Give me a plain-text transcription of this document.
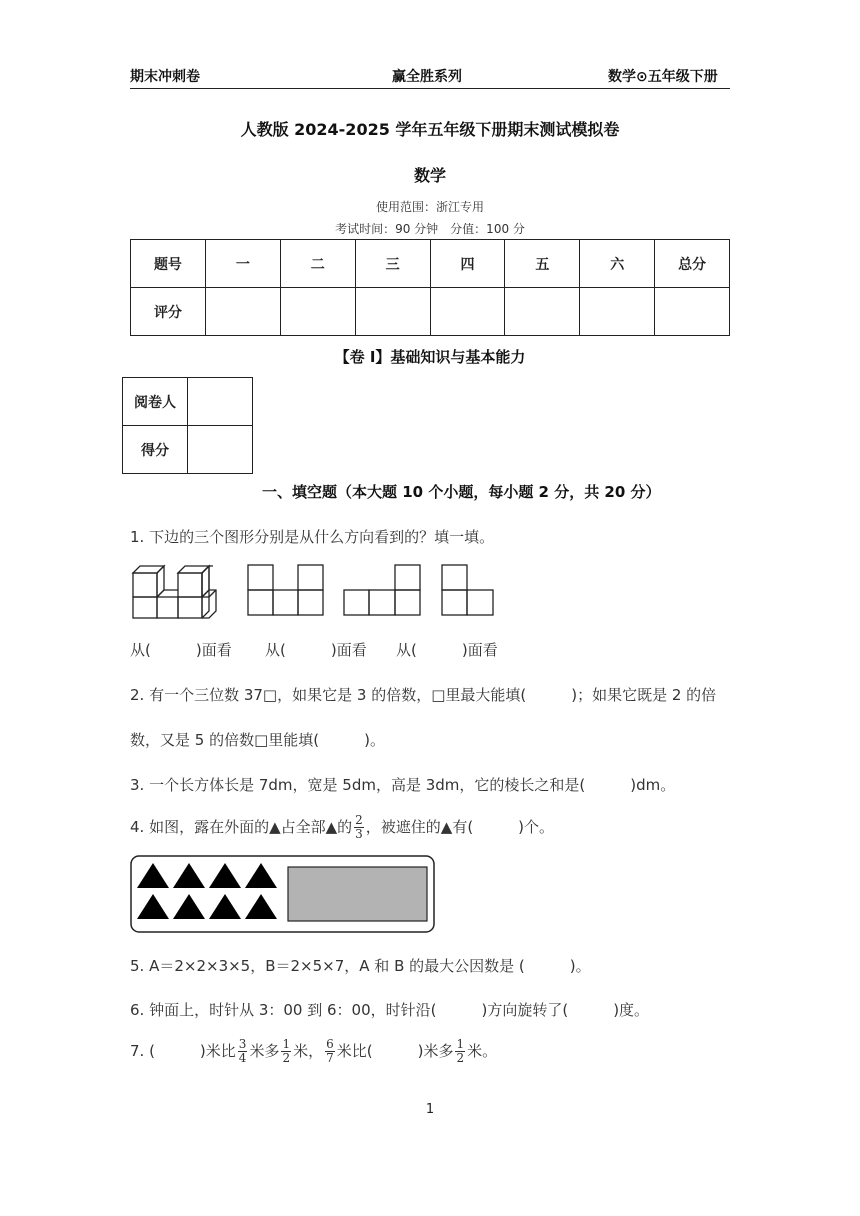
期末冲刺卷	赢全胜系列	数学⊙五年级下册
人教版 2024-2025 学年五年级下册期末测试模拟卷
数学
使用范围：浙江专用
考试时间：90 分钟　分值：100 分
题号	一	二	三	四	五	六	总分
评分							
【卷 I】基础知识与基本能力
阅卷人	
得分	
一、填空题（本大题 10 个小题，每小题 2 分，共 20 分）
1. 下边的三个图形分别是从什么方向看到的？填一填。
从(　　　)面看 从(　　　)面看 从(　　　)面看
2. 有一个三位数 37□，如果它是 3 的倍数，□里最大能填(　　　)；如果它既是 2 的倍
数，又是 5 的倍数□里能填(　　　)。
3. 一个长方体长是 7dm，宽是 5dm，高是 3dm，它的棱长之和是(　　　)dm。
4. 如图，露在外面的▲占全部▲的 $\frac{2}{3}$ ，被遮住的▲有(　　　)个。
5. A＝2×2×3×5，B＝2×5×7，A 和 B 的最大公因数是 (　　　)。
6. 钟面上，时针从 3：00 到 6：00，时针沿(　　　)方向旋转了(　　　)度。
7. (　　　)米比 $\frac{3}{4}$ 米多 $\frac{1}{2}$ 米， $\frac{6}{7}$ 米比(　　　)米多 $\frac{1}{2}$ 米。
1
